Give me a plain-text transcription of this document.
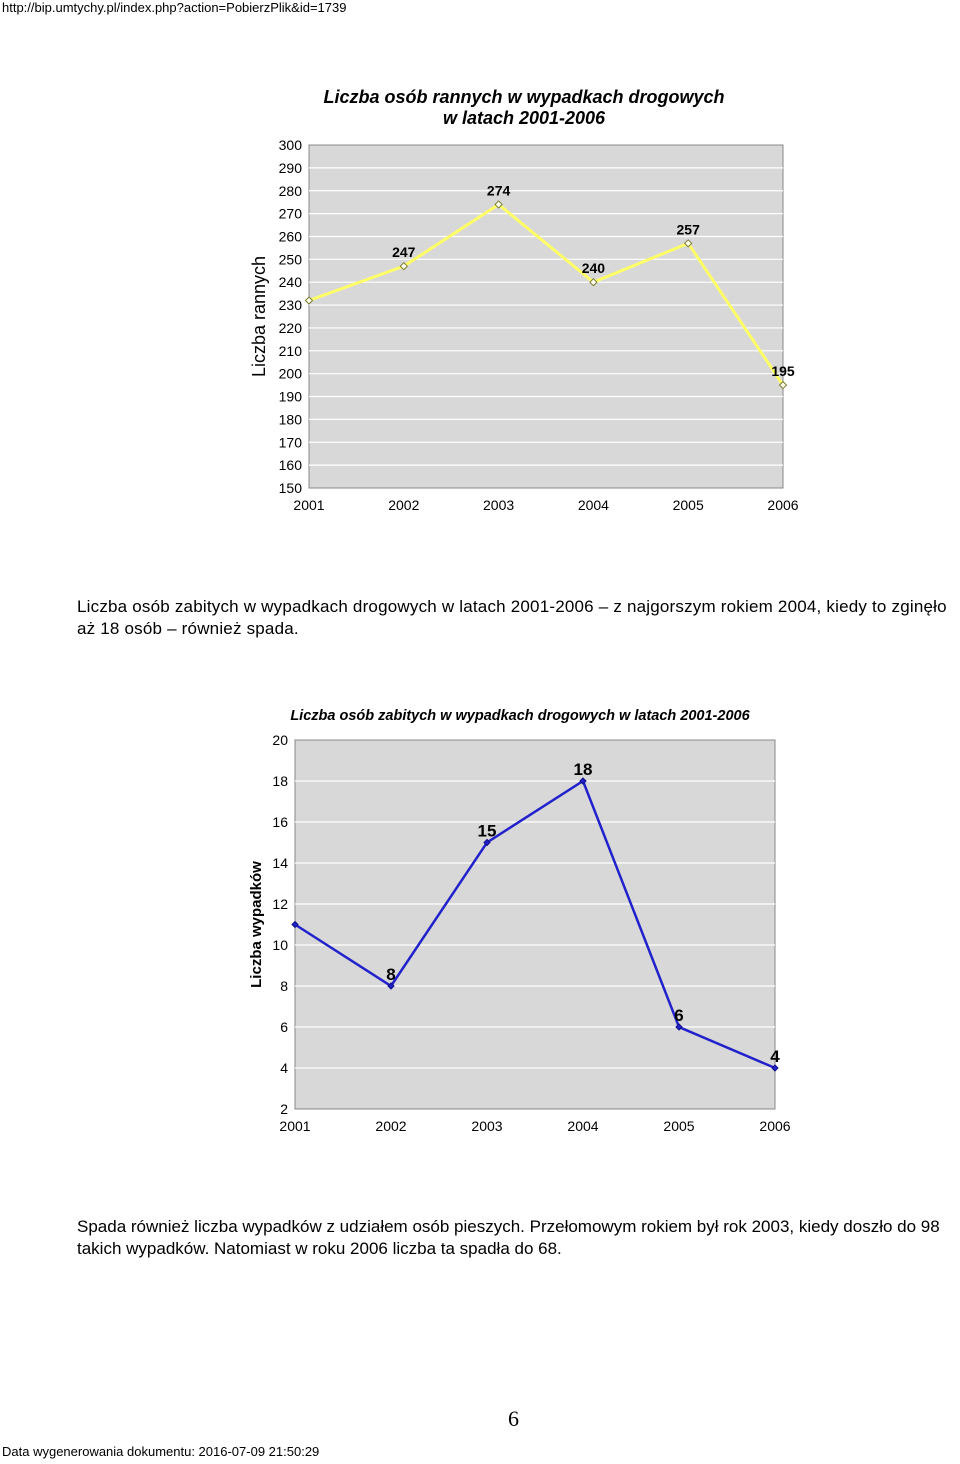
http://bip.umtychy.pl/index.php?action=PobierzPlik&id=1739
Liczba osób rannych w wypadkach drogowych
w latach 2001-2006
150
160
170
180
190
200
210
220
230
240
250
260
270
280
290
300
2001	2002	2003	2004	2005	2006
247
274
240
257
195
Liczba rannych
Liczba osób zabitych w wypadkach drogowych w latach 2001-2006
2
4
6
8
10
12
14
16
18
20
2001	2002	2003	2004	2005	2006
8
15
18
6
4
Liczba wypadków

Liczba osób zabitych w wypadkach drogowych w latach 2001-2006 – z najgorszym rokiem 2004, kiedy to zginęło aż 18 osób – również spada.

Spada również liczba wypadków z udziałem osób pieszych. Przełomowym rokiem był rok 2003, kiedy doszło do 98 takich wypadków. Natomiast w roku 2006 liczba ta spadła do 68.

6
Data wygenerowania dokumentu: 2016-07-09 21:50:29
